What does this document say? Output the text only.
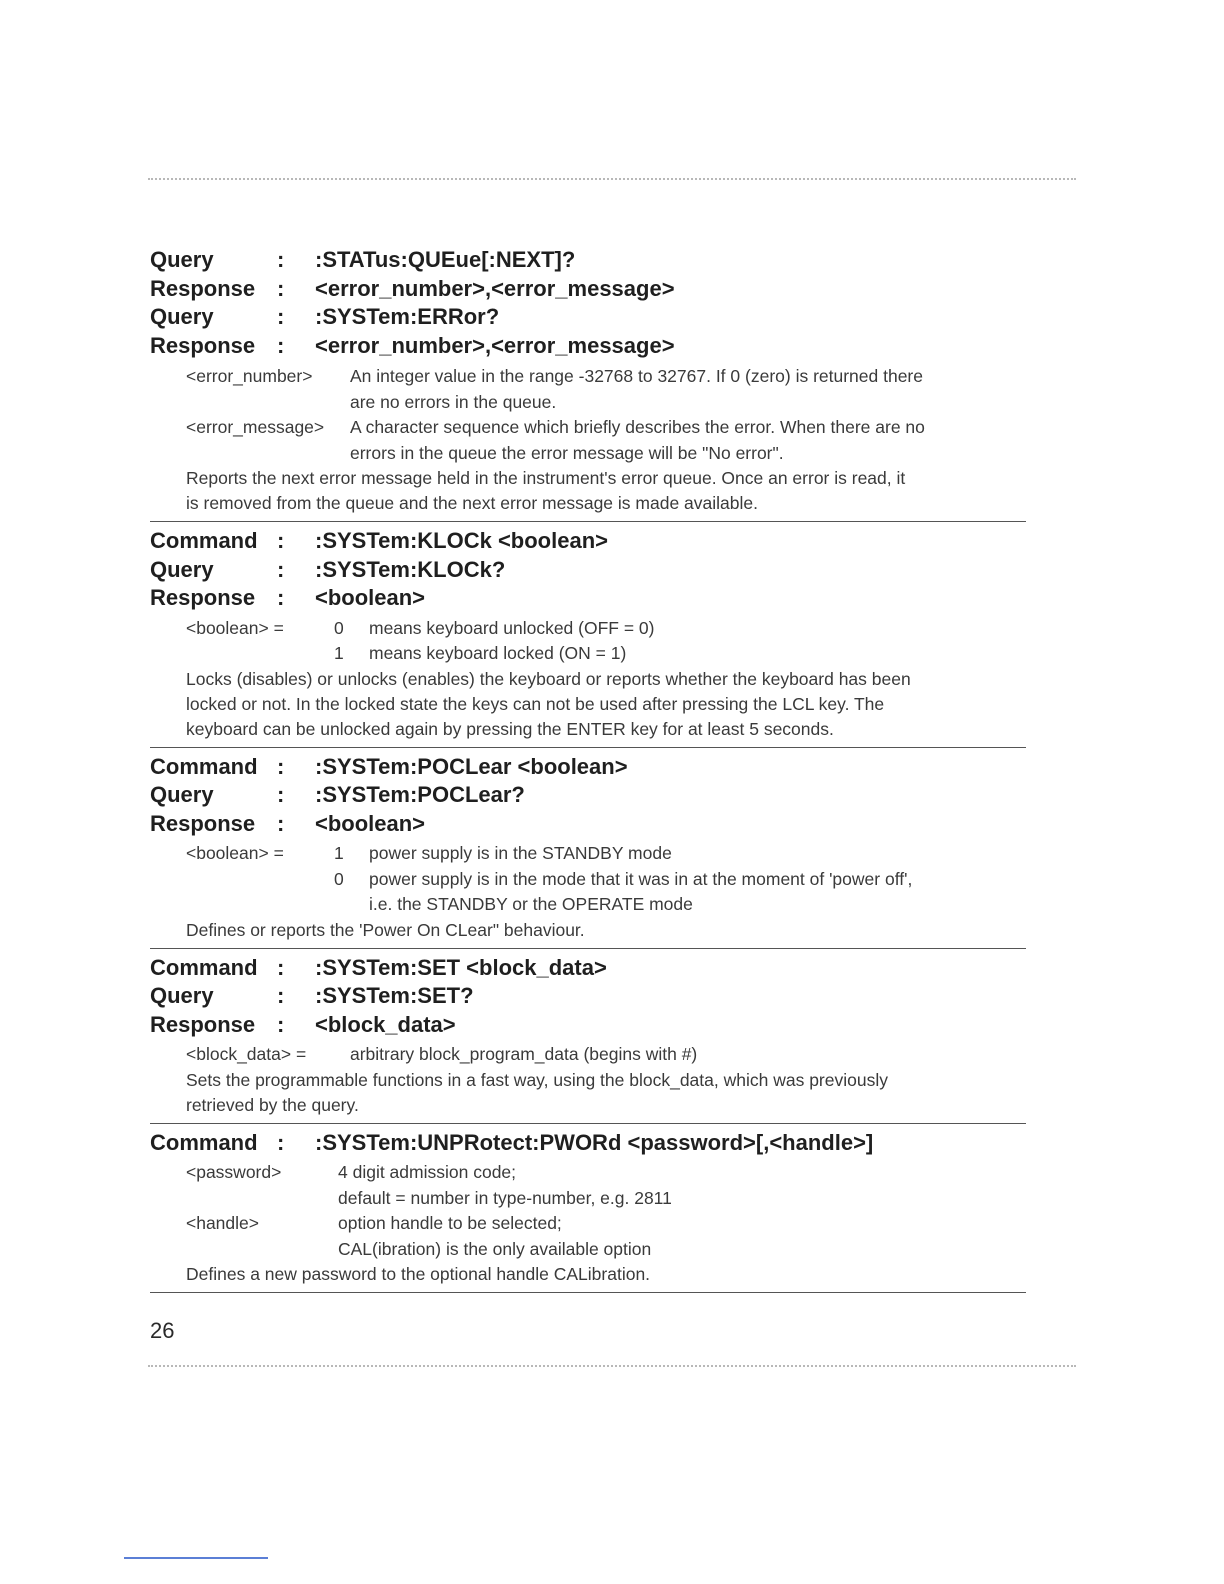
Query	:	:STATus:QUEue[:NEXT]?
Response :	<error_number>,<error_message>
Query	:	:SYSTem:ERRor?
Response :	<error_number>,<error_message>
<error_number>	An integer value in the range -32768 to 32767. If 0 (zero) is returned there
are no errors in the queue.
<error_message>	A character sequence which briefly describes the error. When there are no
errors in the queue the error message will be "No error".
Reports the next error message held in the instrument's error queue. Once an error is read, it
is removed from the queue and the next error message is made available.
Command :	:SYSTem:KLOCk <boolean>
Query	:	:SYSTem:KLOCk?
Response :	<boolean>
<boolean> =	0	means keyboard unlocked (OFF = 0)
1	means keyboard locked (ON = 1)
Locks (disables) or unlocks (enables) the keyboard or reports whether the keyboard has been
locked or not. In the locked state the keys can not be used after pressing the LCL key. The
keyboard can be unlocked again by pressing the ENTER key for at least 5 seconds.
Command :	:SYSTem:POCLear <boolean>
Query	:	:SYSTem:POCLear?
Response :	<boolean>
<boolean> =	1	power supply is in the STANDBY mode
0	power supply is in the mode that it was in at the moment of 'power off',
i.e. the STANDBY or the OPERATE mode
Defines or reports the 'Power On CLear" behaviour.
Command :	:SYSTem:SET <block_data>
Query	:	:SYSTem:SET?
Response :	<block_data>
<block_data> =	arbitrary block_program_data (begins with #)
Sets the programmable functions in a fast way, using the block_data, which was previously
retrieved by the query.
Command :	:SYSTem:UNPRotect:PWORd <password>[,<handle>]
<password>	4 digit admission code;
default = number in type-number, e.g. 2811
<handle>	option handle to be selected;
CAL(ibration) is the only available option
Defines a new password to the optional handle CALibration.
26
